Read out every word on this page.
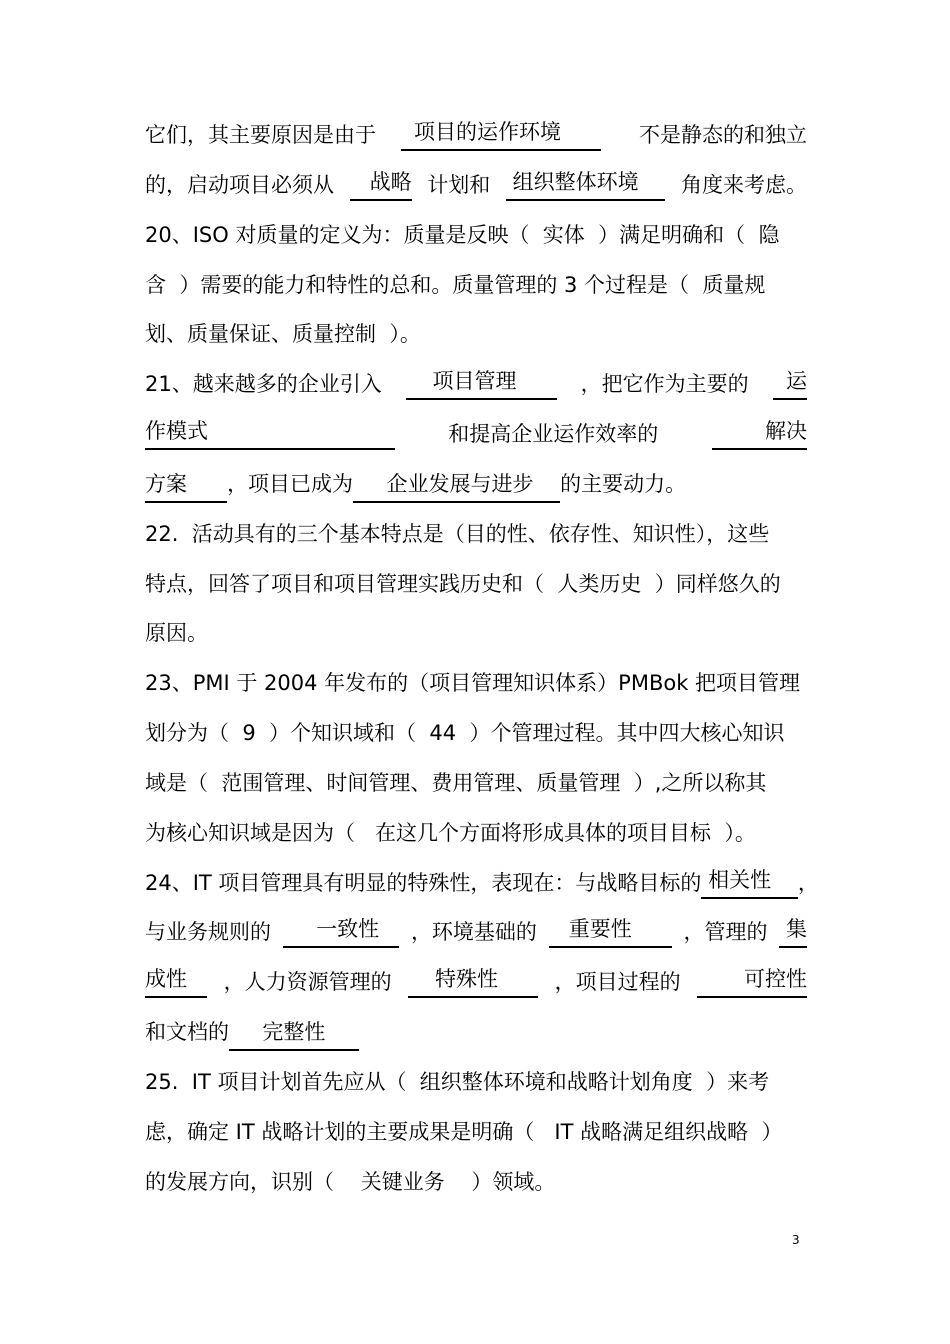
它们，其主要原因是由于 项目的运作环境 不是静态的和独立
的，启动项目必须从 战略 计划和 组织整体环境 角度来考虑。
20、ISO 对质量的定义为：质量是反映（  实体  ）满足明确和（  隐
含  ）需要的能力和特性的总和。质量管理的 3 个过程是（  质量规
划、质量保证、质量控制  ）。
21、越来越多的企业引入 项目管理 ，把它作为主要的 运
作模式	和提高企业运作效率的	解决
方案      ，项目已成为     企业发展与进步    的主要动力。
22.  活动具有的三个基本特点是（目的性、依存性、知识性），这些
特点，回答了项目和项目管理实践历史和（  人类历史  ）同样悠久的
原因。
23、PMI 于 2004 年发布的（项目管理知识体系）PMBok 把项目管理
划分为（  9  ）个知识域和（  44  ）个管理过程。其中四大核心知识
域是（  范围管理、时间管理、费用管理、质量管理  ）,之所以称其
为核心知识域是因为（   在这几个方面将形成具体的项目目标  ）。
24、IT 项目管理具有明显的特殊性，表现在：与战略目标的 相关性 ，
与业务规则的 一致性 ，环境基础的 重要性 ，管理的 集
成性 ，人力资源管理的 特殊性 ，项目过程的 可控性
和文档的     完整性
25.  IT 项目计划首先应从（  组织整体环境和战略计划角度  ）来考
虑，确定 IT 战略计划的主要成果是明确（   IT 战略满足组织战略  ）
的发展方向，识别（    关键业务    ）领域。
3
